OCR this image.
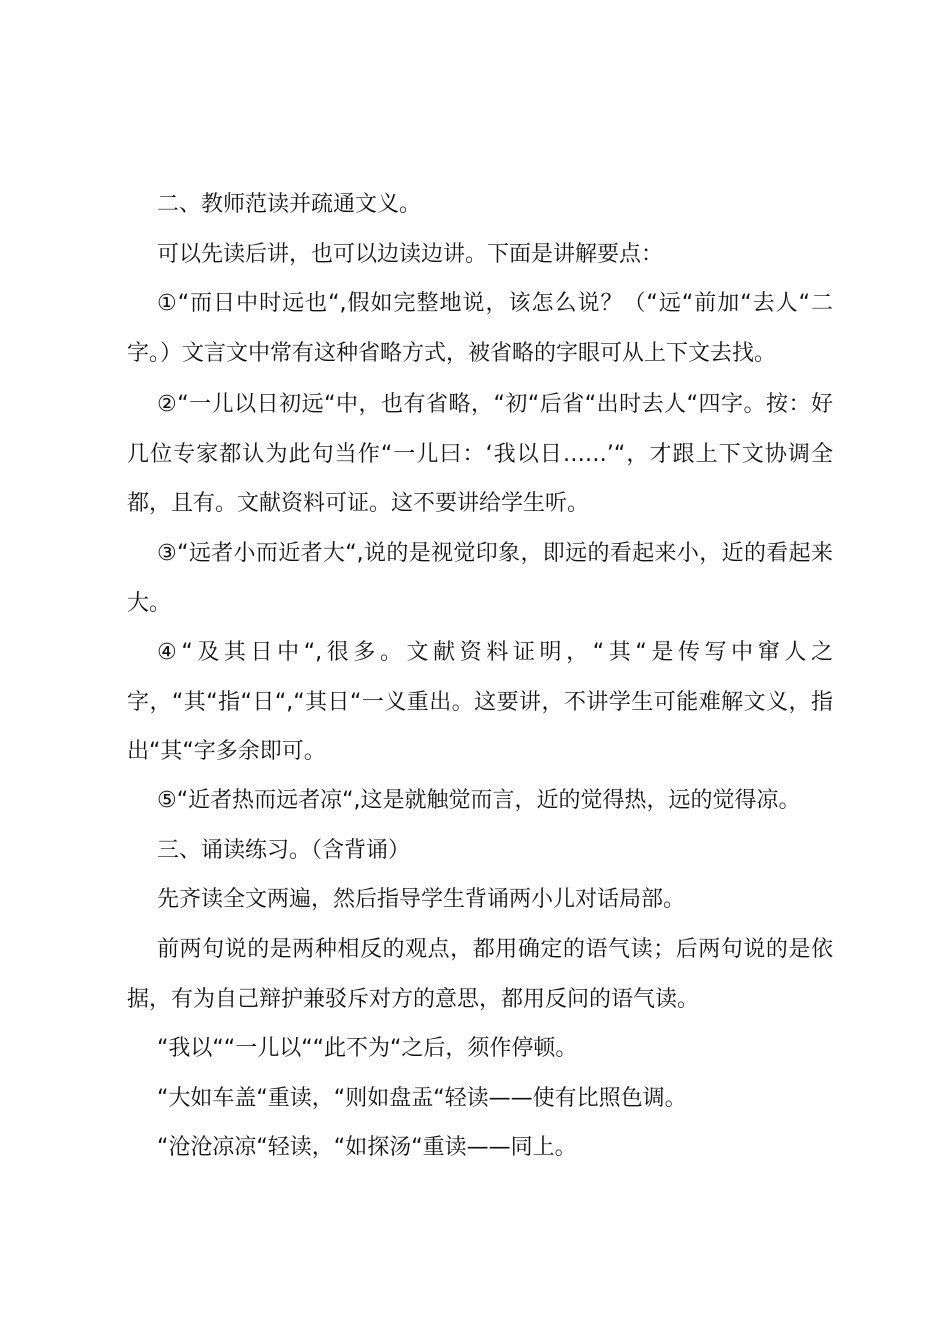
二、教师范读并疏通文义。

可以先读后讲，也可以边读边讲。下面是讲解要点：

①“而日中时远也“,假如完整地说，该怎么说？（“远“前加“去人“二字。）文言文中常有这种省略方式，被省略的字眼可从上下文去找。

②“一儿以日初远“中，也有省略，“初“后省“出时去人“四字。按：好几位专家都认为此句当作“一儿曰：‘我以日……’“，才跟上下文协调全都，且有。文献资料可证。这不要讲给学生听。

③“远者小而近者大“,说的是视觉印象，即远的看起来小，近的看起来大。

④“及其日中“,很多。文献资料证明，“其“是传写中窜人之字，“其“指“日“,“其日“一义重出。这要讲，不讲学生可能难解文义，指出“其“字多余即可。

⑤“近者热而远者凉“,这是就触觉而言，近的觉得热，远的觉得凉。

三、诵读练习。（含背诵）

先齐读全文两遍，然后指导学生背诵两小儿对话局部。

前两句说的是两种相反的观点，都用确定的语气读；后两句说的是依据，有为自己辩护兼驳斥对方的意思，都用反问的语气读。

“我以““一儿以““此不为“之后，须作停顿。

“大如车盖“重读，“则如盘盂“轻读——使有比照色调。

“沧沧凉凉“轻读，“如探汤“重读——同上。
